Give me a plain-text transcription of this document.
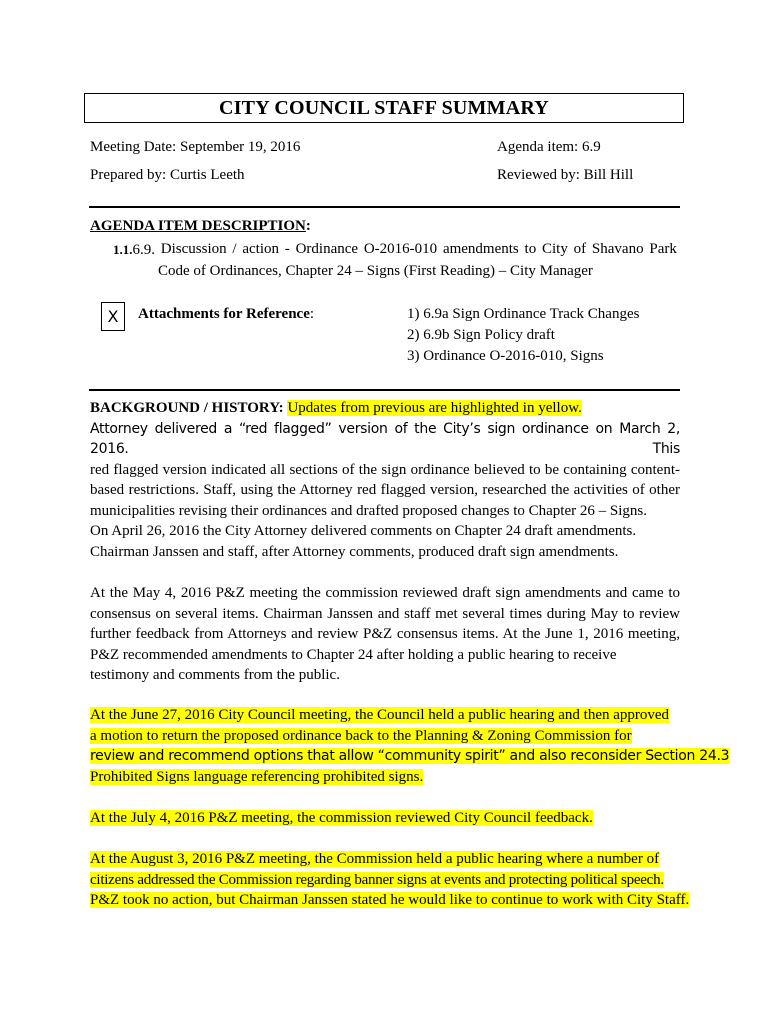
CITY COUNCIL STAFF SUMMARY
Meeting Date: September 19, 2016	Agenda item: 6.9
Prepared by: Curtis Leeth	Reviewed by: Bill Hill
AGENDA ITEM DESCRIPTION:
1.1.6.9. Discussion / action - Ordinance O-2016-010 amendments to City of Shavano Park
Code of Ordinances, Chapter 24 – Signs (First Reading) – City Manager
X Attachments for Reference:	1) 6.9a Sign Ordinance Track Changes
2) 6.9b Sign Policy draft
3) Ordinance O-2016-010, Signs

BACKGROUND / HISTORY: Updates from previous are highlighted in yellow.

Attorney delivered a “red flagged” version of the City’s sign ordinance on March 2, 2016. This
red flagged version indicated all sections of the sign ordinance believed to be containing content-
based restrictions. Staff, using the Attorney red flagged version, researched the activities of other
municipalities revising their ordinances and drafted proposed changes to Chapter 26 – Signs.

On April 26, 2016 the City Attorney delivered comments on Chapter 24 draft amendments.
Chairman Janssen and staff, after Attorney comments, produced draft sign amendments.
At the May 4, 2016 P&Z meeting the commission reviewed draft sign amendments and came to
consensus on several items. Chairman Janssen and staff met several times during May to review
further feedback from Attorneys and review P&Z consensus items. At the June 1, 2016 meeting,
P&Z recommended amendments to Chapter 24 after holding a public hearing to receive
testimony and comments from the public.
At the June 27, 2016 City Council meeting, the Council held a public hearing and then approved
a motion to return the proposed ordinance back to the Planning & Zoning Commission for
review and recommend options that allow “community spirit” and also reconsider Section 24.3
Prohibited Signs language referencing prohibited signs.
At the July 4, 2016 P&Z meeting, the commission reviewed City Council feedback.
At the August 3, 2016 P&Z meeting, the Commission held a public hearing where a number of
citizens addressed the Commission regarding banner signs at events and protecting political speech.
P&Z took no action, but Chairman Janssen stated he would like to continue to work with City Staff.
